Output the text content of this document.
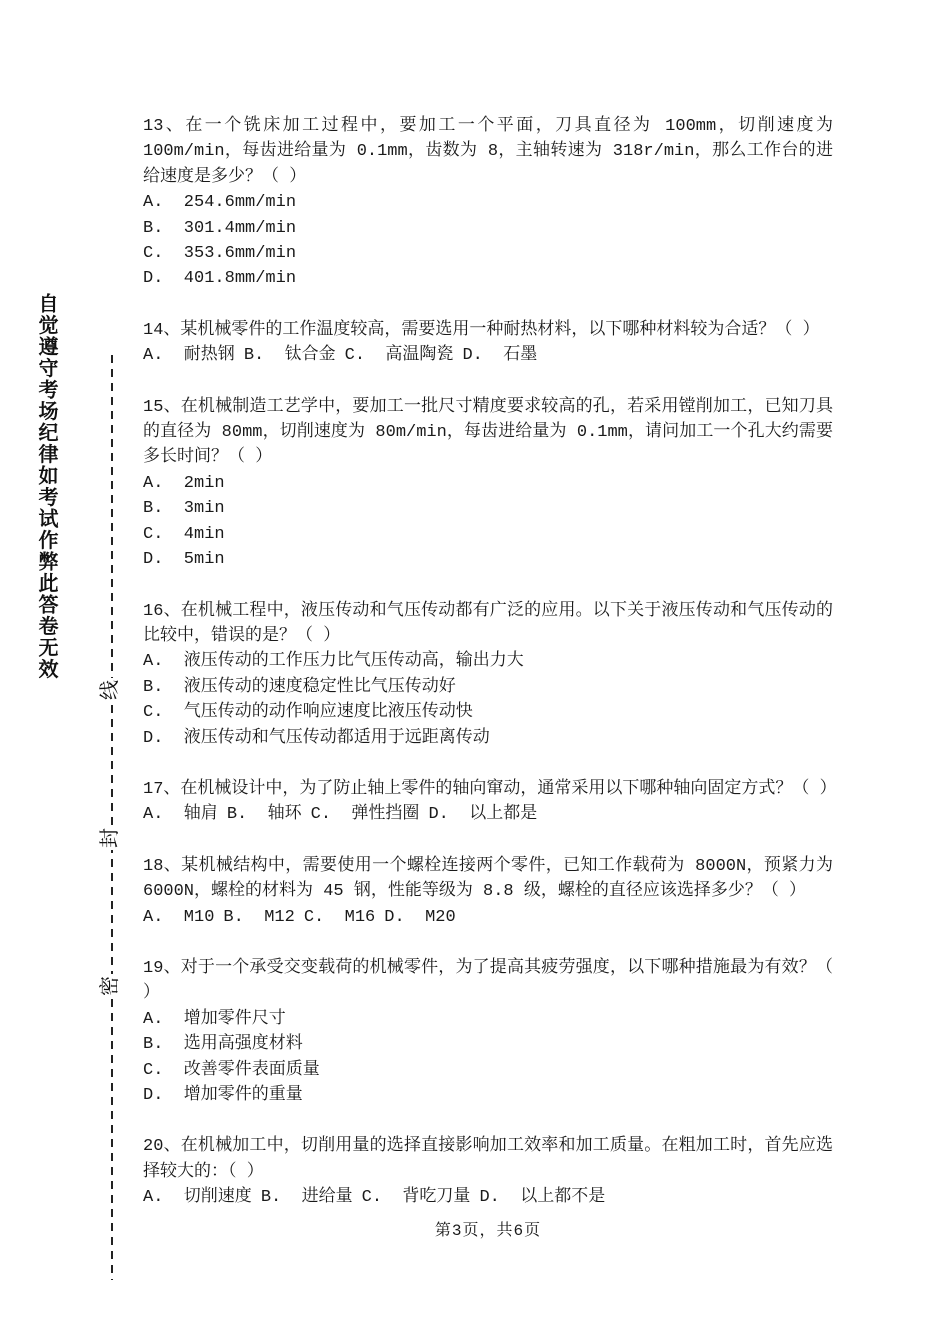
自觉遵守考场纪律如考试作弊此答卷无效
线
封
密

13、在一个铣床加工过程中，要加工一个平面，刀具直径为 100mm，切削速度为 100m/min，每齿进给量为 0.1mm，齿数为 8，主轴转速为 318r/min，那么工作台的进给速度是多少？（ ）

A.  254.6mm/min
B.  301.4mm/min
C.  353.6mm/min
D.  401.8mm/min

14、某机械零件的工作温度较高，需要选用一种耐热材料，以下哪种材料较为合适？（ ）

A.  耐热钢 B.  钛合金 C.  高温陶瓷 D.  石墨

15、在机械制造工艺学中，要加工一批尺寸精度要求较高的孔，若采用镗削加工，已知刀具的直径为 80mm，切削速度为 80m/min，每齿进给量为 0.1mm，请问加工一个孔大约需要多长时间？（ ）

A.  2min
B.  3min
C.  4min
D.  5min

16、在机械工程中，液压传动和气压传动都有广泛的应用。以下关于液压传动和气压传动的比较中，错误的是？（ ）

A.  液压传动的工作压力比气压传动高，输出力大
B.  液压传动的速度稳定性比气压传动好
C.  气压传动的动作响应速度比液压传动快
D.  液压传动和气压传动都适用于远距离传动

17、在机械设计中，为了防止轴上零件的轴向窜动，通常采用以下哪种轴向固定方式？（ ）

A.  轴肩 B.  轴环 C.  弹性挡圈 D.  以上都是

18、某机械结构中，需要使用一个螺栓连接两个零件，已知工作载荷为 8000N，预紧力为 6000N，螺栓的材料为 45 钢，性能等级为 8.8 级，螺栓的直径应该选择多少？（ ）

A.  M10 B.  M12 C.  M16 D.  M20

19、对于一个承受交变载荷的机械零件，为了提高其疲劳强度，以下哪种措施最为有效？（ ）

A.  增加零件尺寸
B.  选用高强度材料
C.  改善零件表面质量
D.  增加零件的重量

20、在机械加工中，切削用量的选择直接影响加工效率和加工质量。在粗加工时，首先应选择较大的：（ ）

A.  切削速度 B.  进给量 C.  背吃刀量 D.  以上都不是
第3页，共6页
